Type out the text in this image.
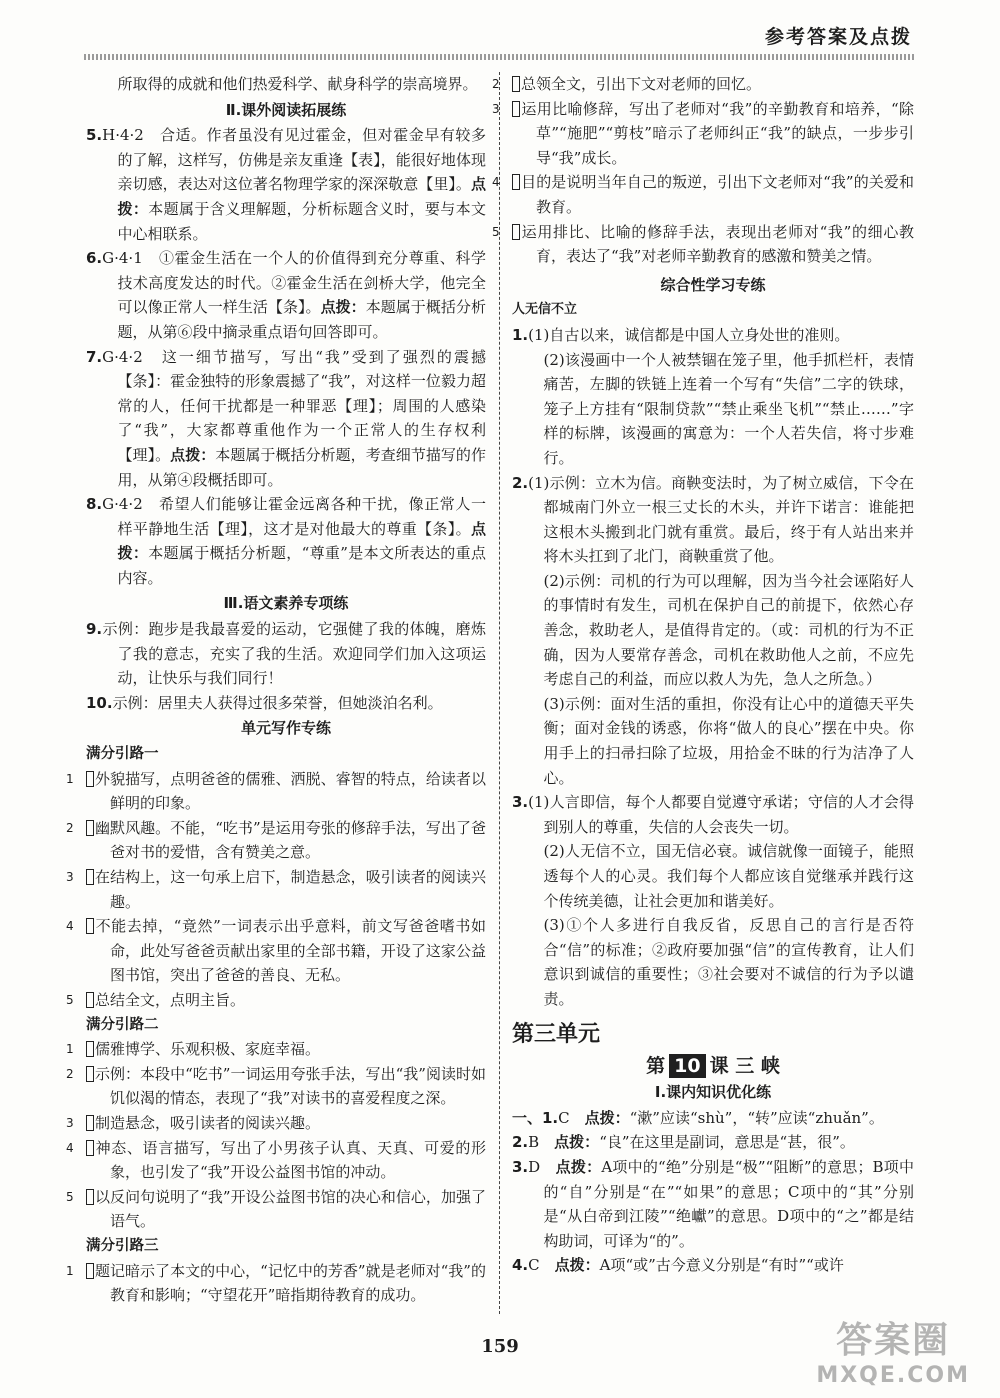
参考答案及点拨

所取得的成就和他们热爱科学、献身科学的崇高境界。

Ⅱ.课外阅读拓展练

5.H·4·2　合适。作者虽没有见过霍金，但对霍金早有较多的了解，这样写，仿佛是亲友重逢【表】，能很好地体现亲切感，表达对这位著名物理学家的深深敬意【里】。点拨：本题属于含义理解题，分析标题含义时，要与本文中心相联系。

6.G·4·1　①霍金生活在一个人的价值得到充分尊重、科学技术高度发达的时代。②霍金生活在剑桥大学，他完全可以像正常人一样生活【条】。点拨：本题属于概括分析题，从第⑥段中摘录重点语句回答即可。

7.G·4·2　这一细节描写，写出“我”受到了强烈的震撼【条】：霍金独特的形象震撼了“我”，对这样一位毅力超常的人，任何干扰都是一种罪恶【理】；周围的人感染了“我”，大家都尊重他作为一个正常人的生存权利【理】。点拨：本题属于概括分析题，考查细节描写的作用，从第④段概括即可。

8.G·4·2　希望人们能够让霍金远离各种干扰，像正常人一样平静地生活【理】，这才是对他最大的尊重【条】。点拨：本题属于概括分析题，“尊重”是本文所表达的重点内容。

Ⅲ.语文素养专项练

9.示例：跑步是我最喜爱的运动，它强健了我的体魄，磨炼了我的意志，充实了我的生活。欢迎同学们加入这项运动，让快乐与我们同行！

10.示例：居里夫人获得过很多荣誉，但她淡泊名利。

单元写作专练
满分引路一

1 外貌描写，点明爸爸的儒雅、洒脱、睿智的特点，给读者以鲜明的印象。

2 幽默风趣。不能，“吃书”是运用夸张的修辞手法，写出了爸爸对书的爱惜，含有赞美之意。

3 在结构上，这一句承上启下，制造悬念，吸引读者的阅读兴趣。

4 不能去掉，“竟然”一词表示出乎意料，前文写爸爸嗜书如命，此处写爸爸贡献出家里的全部书籍，开设了这家公益图书馆，突出了爸爸的善良、无私。

5 总结全文，点明主旨。

满分引路二

1 儒雅博学、乐观积极、家庭幸福。

2 示例：本段中“吃书”一词运用夸张手法，写出“我”阅读时如饥似渴的情态，表现了“我”对读书的喜爱程度之深。

3 制造悬念，吸引读者的阅读兴趣。

4 神态、语言描写，写出了小男孩子认真、天真、可爱的形象，也引发了“我”开设公益图书馆的冲动。

5 以反问句说明了“我”开设公益图书馆的决心和信心，加强了语气。

满分引路三

1 题记暗示了本文的中心，“记忆中的芳香”就是老师对“我”的教育和影响；“守望花开”暗指期待教育的成功。

2 总领全文，引出下文对老师的回忆。

3 运用比喻修辞，写出了老师对“我”的辛勤教育和培养，“除草”“施肥”“剪枝”暗示了老师纠正“我”的缺点，一步步引导“我”成长。

4 目的是说明当年自己的叛逆，引出下文老师对“我”的关爱和教育。

5 运用排比、比喻的修辞手法，表现出老师对“我”的细心教育，表达了“我”对老师辛勤教育的感激和赞美之情。

综合性学习专练
人无信不立

1.(1)自古以来，诚信都是中国人立身处世的准则。

(2)该漫画中一个人被禁锢在笼子里，他手抓栏杆，表情痛苦，左脚的铁链上连着一个写有“失信”二字的铁球，笼子上方挂有“限制贷款”“禁止乘坐飞机”“禁止……”字样的标牌，该漫画的寓意为：一个人若失信，将寸步难行。

2.(1)示例：立木为信。商鞅变法时，为了树立威信，下令在都城南门外立一根三丈长的木头，并许下诺言：谁能把这根木头搬到北门就有重赏。最后，终于有人站出来并将木头扛到了北门，商鞅重赏了他。

(2)示例：司机的行为可以理解，因为当今社会诬陷好人的事情时有发生，司机在保护自己的前提下，依然心存善念，救助老人，是值得肯定的。（或：司机的行为不正确，因为人要常存善念，司机在救助他人之前，不应先考虑自己的利益，而应以救人为先，急人之所急。）

(3)示例：面对生活的重担，你没有让心中的道德天平失衡；面对金钱的诱惑，你将“做人的良心”摆在中央。你用手上的扫帚扫除了垃圾，用拾金不昧的行为洁净了人心。

3.(1)人言即信，每个人都要自觉遵守承诺；守信的人才会得到别人的尊重，失信的人会丧失一切。

(2)人无信不立，国无信必衰。诚信就像一面镜子，能照透每个人的心灵。我们每个人都应该自觉继承并践行这个传统美德，让社会更加和谐美好。

(3)①个人多进行自我反省，反思自己的言行是否符合“信”的标准；②政府要加强“信”的宣传教育，让人们意识到诚信的重要性；③社会要对不诚信的行为予以谴责。

第三单元
第 10 课 三 峡
Ⅰ.课内知识优化练

一、1.C　点拨：“漱”应读“shù”，“转”应读“zhuǎn”。

2.B　点拨：“良”在这里是副词，意思是“甚，很”。

3.D　点拨：A项中的“绝”分别是“极”“阻断”的意思；B项中的“自”分别是“在”“如果”的意思；C项中的“其”分别是“从白帝到江陵”“绝巘”的意思。D项中的“之”都是结构助词，可译为“的”。

4.C　点拨：A项“或”古今意义分别是“有时”“或许

159	答案圈
MXQE.COM
